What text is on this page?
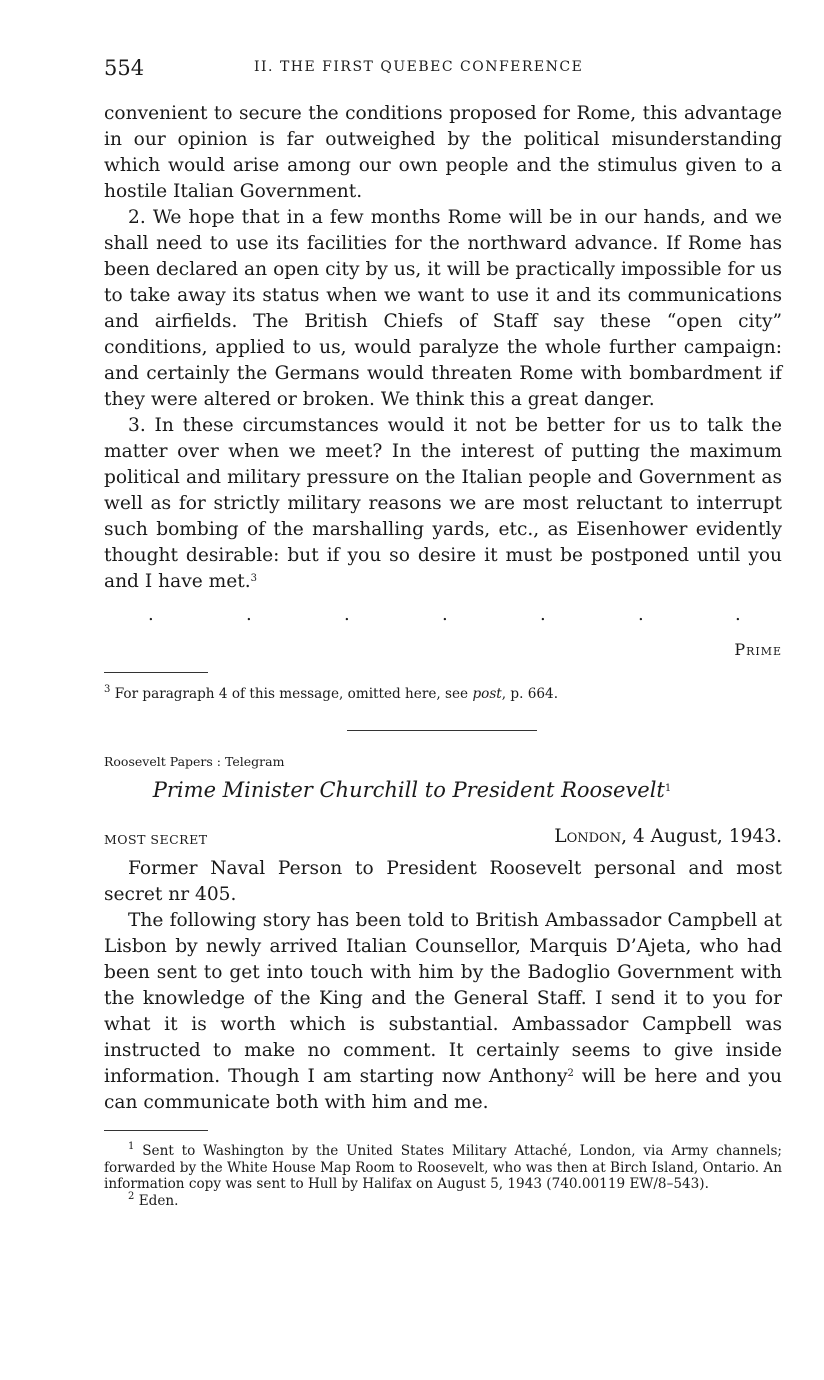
554	II. THE FIRST QUEBEC CONFERENCE

convenient to secure the conditions proposed for Rome, this advantage in our opinion is far outweighed by the political misunderstanding which would arise among our own people and the stimulus given to a hostile Italian Government.

2. We hope that in a few months Rome will be in our hands, and we shall need to use its facilities for the northward advance. If Rome has been declared an open city by us, it will be practically impossible for us to take away its status when we want to use it and its communications and airfields. The British Chiefs of Staff say these “open city” conditions, applied to us, would paralyze the whole further campaign: and certainly the Germans would threaten Rome with bombardment if they were altered or broken. We think this a great danger.

3. In these circumstances would it not be better for us to talk the matter over when we meet? In the interest of putting the maximum political and military pressure on the Italian people and Government as well as for strictly military reasons we are most reluctant to interrupt such bombing of the marshalling yards, etc., as Eisenhower evidently thought desirable: but if you so desire it must be postponed until you and I have met.$^3$

.	.	.	.	.	.	.
Prime
$^3$ For paragraph 4 of this message, omitted here, see post, p. 664.
Roosevelt Papers : Telegram
Prime Minister Churchill to President Roosevelt$^1$
MOST SECRET	London, 4 August, 1943.

Former Naval Person to President Roosevelt personal and most secret nr 405.

The following story has been told to British Ambassador Campbell at Lisbon by newly arrived Italian Counsellor, Marquis D’Ajeta, who had been sent to get into touch with him by the Badoglio Government with the knowledge of the King and the General Staff. I send it to you for what it is worth which is substantial. Ambassador Campbell was instructed to make no comment. It certainly seems to give inside information. Though I am starting now Anthony$^2$ will be here and you can communicate both with him and me.

$^1$ Sent to Washington by the United States Military Attaché, London, via Army channels; forwarded by the White House Map Room to Roosevelt, who was then at Birch Island, Ontario. An information copy was sent to Hull by Halifax on August 5, 1943 (740.00119 EW/8–543).
$^2$ Eden.
